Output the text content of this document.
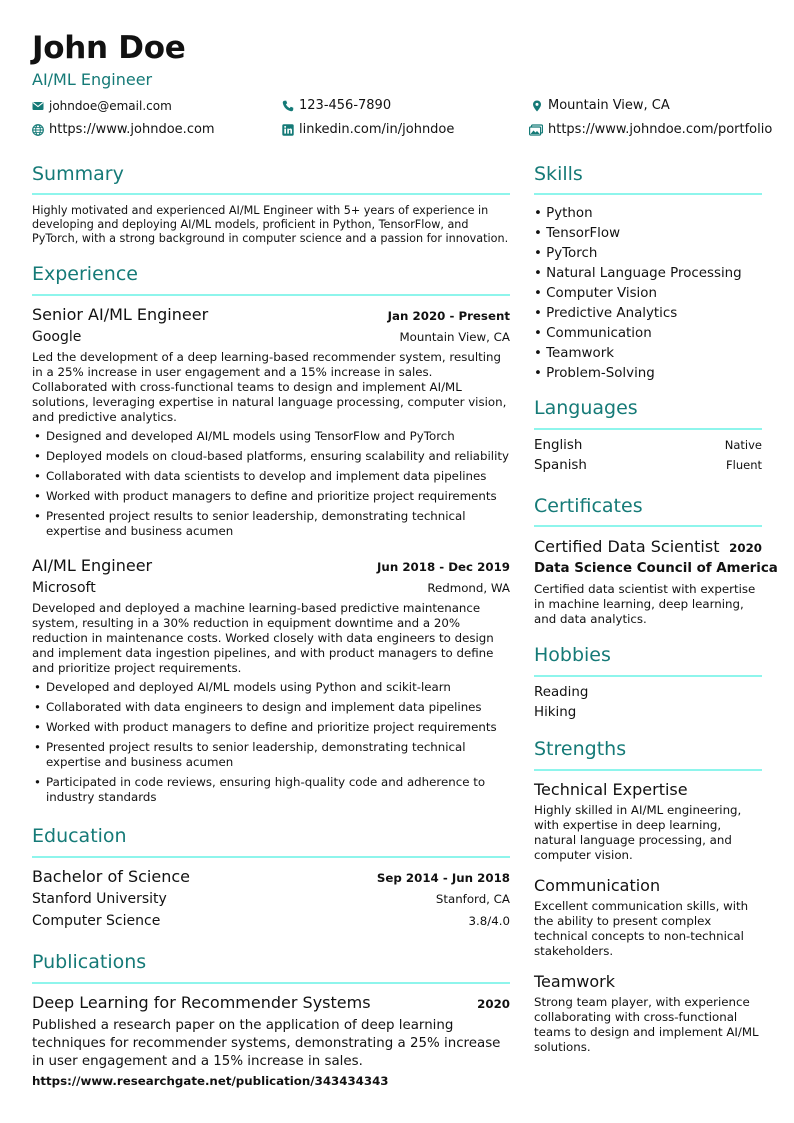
John Doe
AI/ML Engineer
johndoe@email.com	123-456-7890	Mountain View, CA
https://www.johndoe.com	linkedin.com/in/johndoe	https://www.johndoe.com/portfolio
Summary
Highly motivated and experienced AI/ML Engineer with 5+ years of experience in developing and deploying AI/ML models, proficient in Python, TensorFlow, and PyTorch, with a strong background in computer science and a passion for innovation.
Experience
Senior AI/ML Engineer	Jan 2020 - Present
Google	Mountain View, CA
Led the development of a deep learning-based recommender system, resulting in a 25% increase in user engagement and a 15% increase in sales. Collaborated with cross-functional teams to design and implement AI/ML solutions, leveraging expertise in natural language processing, computer vision, and predictive analytics.
• Designed and developed AI/ML models using TensorFlow and PyTorch
• Deployed models on cloud-based platforms, ensuring scalability and reliability
• Collaborated with data scientists to develop and implement data pipelines
• Worked with product managers to define and prioritize project requirements
• Presented project results to senior leadership, demonstrating technical expertise and business acumen
AI/ML Engineer	Jun 2018 - Dec 2019
Microsoft	Redmond, WA
Developed and deployed a machine learning-based predictive maintenance system, resulting in a 30% reduction in equipment downtime and a 20% reduction in maintenance costs. Worked closely with data engineers to design and implement data ingestion pipelines, and with product managers to define and prioritize project requirements.
• Developed and deployed AI/ML models using Python and scikit-learn
• Collaborated with data engineers to design and implement data pipelines
• Worked with product managers to define and prioritize project requirements
• Presented project results to senior leadership, demonstrating technical expertise and business acumen
• Participated in code reviews, ensuring high-quality code and adherence to industry standards
Education
Bachelor of Science	Sep 2014 - Jun 2018
Stanford University	Stanford, CA
Computer Science	3.8/4.0
Publications
Deep Learning for Recommender Systems	2020
Published a research paper on the application of deep learning techniques for recommender systems, demonstrating a 25% increase in user engagement and a 15% increase in sales.
https://www.researchgate.net/publication/343434343
Skills
• Python
• TensorFlow
• PyTorch
• Natural Language Processing
• Computer Vision
• Predictive Analytics
• Communication
• Teamwork
• Problem-Solving
Languages
English	Native
Spanish	Fluent
Certificates
Certified Data Scientist 2020
Data Science Council of America
Certified data scientist with expertise in machine learning, deep learning, and data analytics.
Hobbies
Reading
Hiking
Strengths
Technical Expertise
Highly skilled in AI/ML engineering, with expertise in deep learning, natural language processing, and computer vision.
Communication
Excellent communication skills, with the ability to present complex technical concepts to non-technical stakeholders.
Teamwork
Strong team player, with experience collaborating with cross-functional teams to design and implement AI/ML solutions.
